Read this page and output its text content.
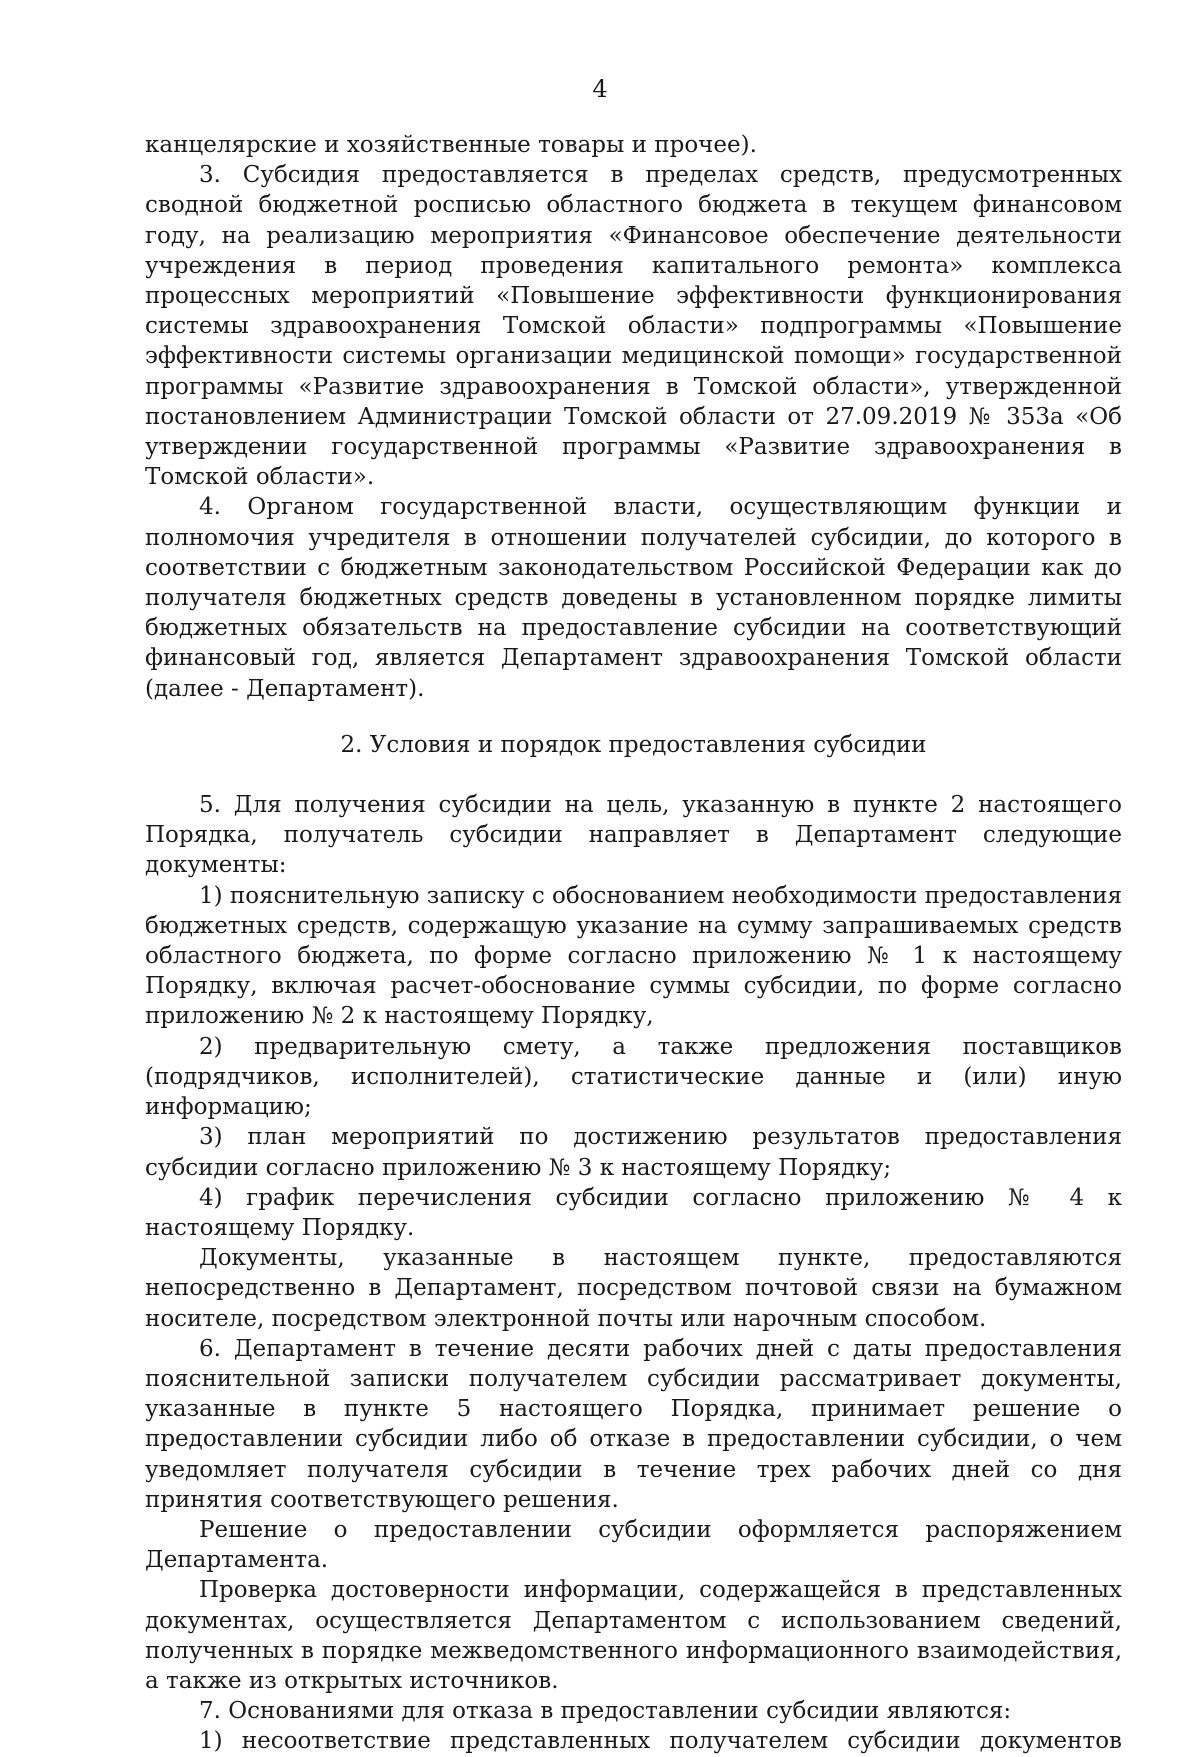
4

канцелярские и хозяйственные товары и прочее).

3. Субсидия предоставляется в пределах средств, предусмотренных сводной бюджетной росписью областного бюджета в текущем финансовом году, на реализацию мероприятия «Финансовое обеспечение деятельности учреждения в период проведения капитального ремонта» комплекса процессных мероприятий «Повышение эффективности функционирования системы здравоохранения Томской области» подпрограммы «Повышение эффективности системы организации медицинской помощи» государственной программы «Развитие здравоохранения в Томской области», утвержденной постановлением Администрации Томской области от 27.09.2019 № 353а «Об утверждении государственной программы «Развитие здравоохранения в Томской области».

4. Органом государственной власти, осуществляющим функции и полномочия учредителя в отношении получателей субсидии, до которого в соответствии с бюджетным законодательством Российской Федерации как до получателя бюджетных средств доведены в установленном порядке лимиты бюджетных обязательств на предоставление субсидии на соответствующий финансовый год, является Департамент здравоохранения Томской области (далее - Департамент).

2. Условия и порядок предоставления субсидии

5. Для получения субсидии на цель, указанную в пункте 2 настоящего Порядка, получатель субсидии направляет в Департамент следующие документы:

1) пояснительную записку с обоснованием необходимости предоставления бюджетных средств, содержащую указание на сумму запрашиваемых средств областного бюджета, по форме согласно приложению № 1 к настоящему Порядку, включая расчет-обоснование суммы субсидии, по форме согласно приложению № 2 к настоящему Порядку,

2) предварительную смету, а также предложения поставщиков (подрядчиков, исполнителей), статистические данные и (или) иную информацию;

3) план мероприятий по достижению результатов предоставления субсидии согласно приложению № 3 к настоящему Порядку;

4) график перечисления субсидии согласно приложению № 4 к настоящему Порядку.

Документы, указанные в настоящем пункте, предоставляются непосредственно в Департамент, посредством почтовой связи на бумажном носителе, посредством электронной почты или нарочным способом.

6. Департамент в течение десяти рабочих дней с даты предоставления пояснительной записки получателем субсидии рассматривает документы, указанные в пункте 5 настоящего Порядка, принимает решение о предоставлении субсидии либо об отказе в предоставлении субсидии, о чем уведомляет получателя субсидии в течение трех рабочих дней со дня принятия соответствующего решения.

Решение о предоставлении субсидии оформляется распоряжением Департамента.

Проверка достоверности информации, содержащейся в представленных документах, осуществляется Департаментом с использованием сведений, полученных в порядке межведомственного информационного взаимодействия, а также из открытых источников.

7. Основаниями для отказа в предоставлении субсидии являются:

1) несоответствие представленных получателем субсидии документов
